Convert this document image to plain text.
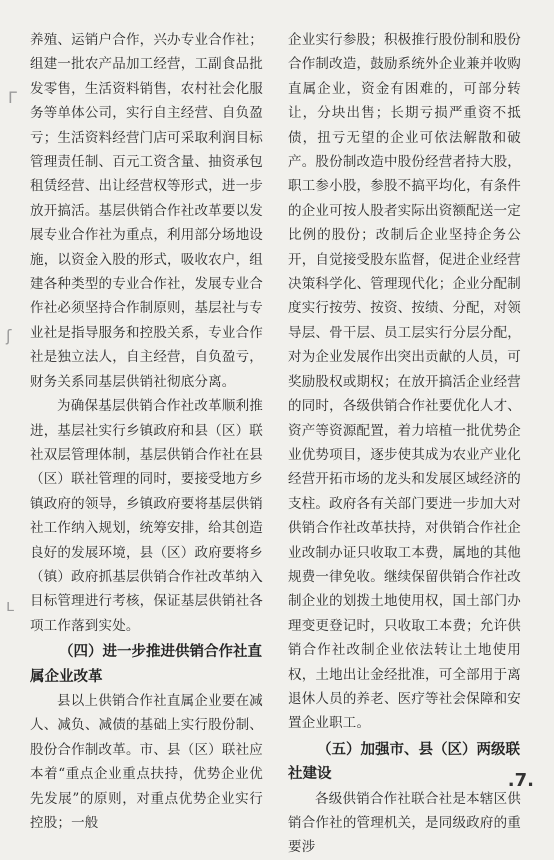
Γ
ʃ
ʟ

养殖、运销户合作，兴办专业合作社；组建一批农产品加工经营，工副食品批发零售，生活资料销售，农村社会化服务等单体公司，实行自主经营、自负盈亏；生活资料经营门店可采取利润目标管理责任制、百元工资含量、抽资承包租赁经营、出让经营权等形式，进一步放开搞活。基层供销合作社改革要以发展专业合作社为重点，利用部分场地设施，以资金入股的形式，吸收农户，组建各种类型的专业合作社，发展专业合作社必须坚持合作制原则，基层社与专业社是指导服务和控股关系，专业合作社是独立法人，自主经营，自负盈亏，财务关系同基层供销社彻底分离。

为确保基层供销合作社改革顺利推进，基层社实行乡镇政府和县（区）联社双层管理体制，基层供销合作社在县（区）联社管理的同时，要接受地方乡镇政府的领导，乡镇政府要将基层供销社工作纳入规划，统筹安排，给其创造良好的发展环境，县（区）政府要将乡（镇）政府抓基层供销合作社改革纳入目标管理进行考核，保证基层供销社各项工作落到实处。

（四）进一步推进供销合作社直属企业改革

县以上供销合作社直属企业要在减人、减负、减债的基础上实行股份制、股份合作制改革。市、县（区）联社应本着“重点企业重点扶持，优势企业优先发展”的原则，对重点优势企业实行控股；一般

企业实行参股；积极推行股份制和股份合作制改造，鼓励系统外企业兼并收购直属企业，资金有困难的，可部分转让，分块出售；长期亏损严重资不抵债，扭亏无望的企业可依法解散和破产。股份制改造中股份经营者持大股，职工参小股，参股不搞平均化，有条件的企业可按人股者实际出资额配送一定比例的股份；改制后企业坚持企务公开，自觉接受股东监督，促进企业经营决策科学化、管理现代化；企业分配制度实行按劳、按资、按绩、分配，对领导层、骨干层、员工层实行分层分配，对为企业发展作出突出贡献的人员，可奖励股权或期权；在放开搞活企业经营的同时，各级供销合作社要优化人才、资产等资源配置，着力培植一批优势企业优势项目，逐步使其成为农业产业化经营开拓市场的龙头和发展区域经济的支柱。政府各有关部门要进一步加大对供销合作社改革扶持，对供销合作社企业改制办证只收取工本费，属地的其他规费一律免收。继续保留供销合作社改制企业的划拨土地使用权，国土部门办理变更登记时，只收取工本费；允许供销合作社改制企业依法转让土地使用权，土地出让金经批准，可全部用于离退休人员的养老、医疗等社会保障和安置企业职工。

（五）加强市、县（区）两级联社建设

各级供销合作社联合社是本辖区供销合作社的管理机关，是同级政府的重要涉

.7.
